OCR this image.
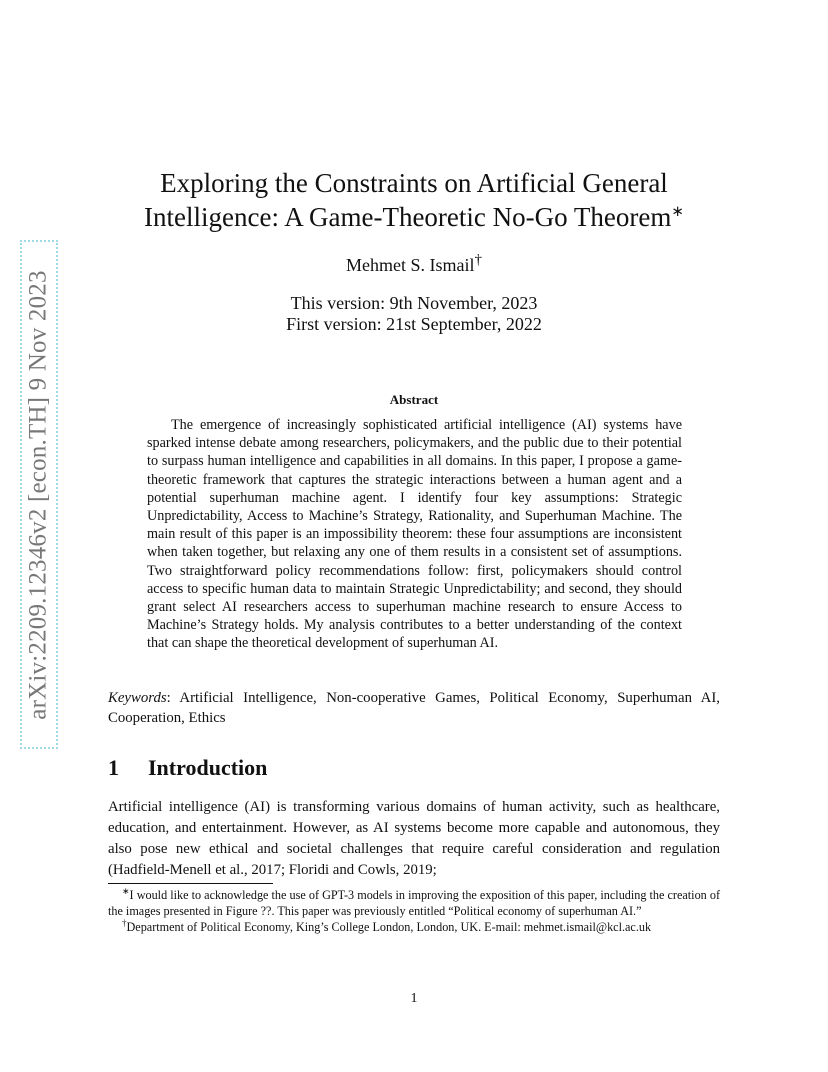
arXiv:2209.12346v2 [econ.TH] 9 Nov 2023
Exploring the Constraints on Artificial General
Intelligence: A Game-Theoretic No-Go Theorem∗
Mehmet S. Ismail†
This version: 9th November, 2023
First version: 21st September, 2022
Abstract

The emergence of increasingly sophisticated artificial intelligence (AI) systems have sparked intense debate among researchers, policymakers, and the public due to their potential to surpass human intelligence and capabilities in all domains. In this paper, I propose a game-theoretic framework that captures the strategic interactions between a human agent and a potential superhuman machine agent. I identify four key assumptions: Strategic Unpredictability, Access to Machine’s Strategy, Rationality, and Superhuman Machine. The main result of this paper is an impossibility theorem: these four assumptions are inconsistent when taken together, but relaxing any one of them results in a consistent set of assumptions. Two straightforward policy recommendations follow: first, policymakers should control access to specific human data to maintain Strategic Unpredictability; and second, they should grant select AI researchers access to superhuman machine research to ensure Access to Machine’s Strategy holds. My analysis contributes to a better understanding of the context that can shape the theoretical development of superhuman AI.

Keywords: Artificial Intelligence, Non-cooperative Games, Political Economy, Superhuman AI, Cooperation, Ethics

1 Introduction

Artificial intelligence (AI) is transforming various domains of human activity, such as healthcare, education, and entertainment. However, as AI systems become more capable and autonomous, they also pose new ethical and societal challenges that require careful consideration and regulation (Hadfield-Menell et al., 2017; Floridi and Cowls, 2019;

∗I would like to acknowledge the use of GPT-3 models in improving the exposition of this paper, including the creation of the images presented in Figure ??. This paper was previously entitled “Political economy of superhuman AI.”

†Department of Political Economy, King’s College London, London, UK. E-mail: mehmet.ismail@kcl.ac.uk

1
